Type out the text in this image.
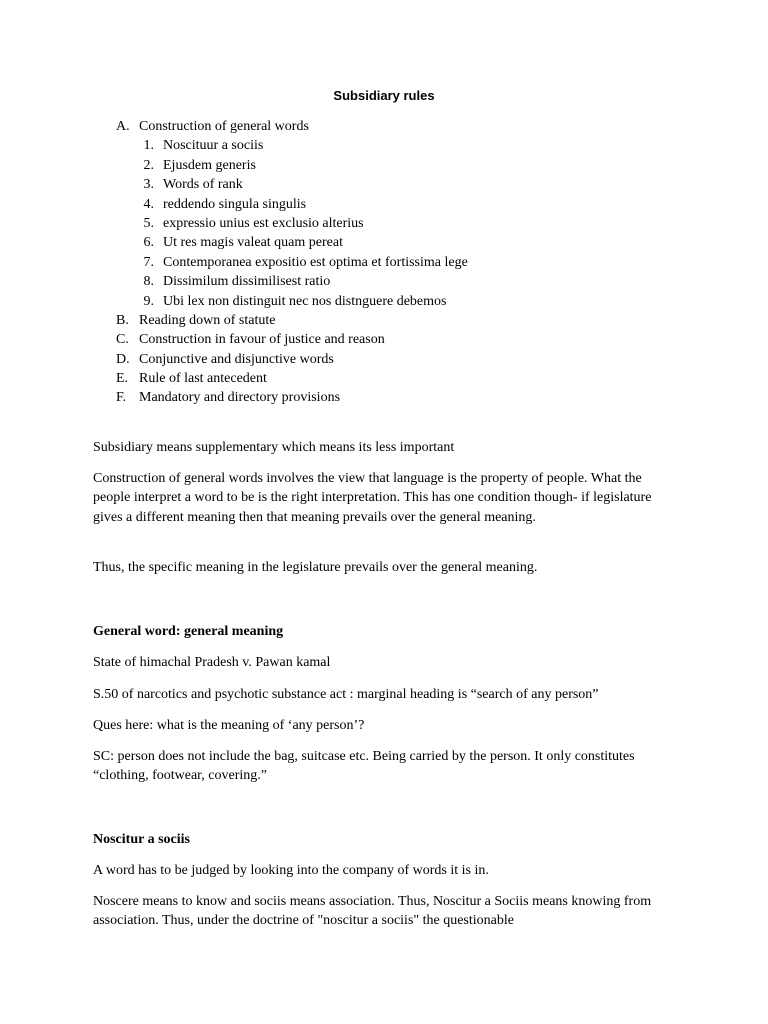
Subsidiary rules
A. Construction of general words
1. Noscituur a sociis
2. Ejusdem generis
3. Words of rank
4. reddendo singula singulis
5. expressio unius est exclusio alterius
6. Ut res magis valeat quam pereat
7. Contemporanea expositio est optima et fortissima lege
8. Dissimilum dissimilisest ratio
9. Ubi lex non distinguit nec nos distnguere debemos
B. Reading down of statute
C. Construction in favour of justice and reason
D. Conjunctive and disjunctive words
E. Rule of last antecedent
F. Mandatory and directory provisions

Subsidiary means supplementary which means its less important

Construction of general words involves the view that language is the property of people. What the people interpret a word to be is the right interpretation. This has one condition though- if legislature gives a different meaning then that meaning prevails over the general meaning.

Thus, the specific meaning in the legislature prevails over the general meaning.

General word: general meaning

State of himachal Pradesh v. Pawan kamal

S.50 of narcotics and psychotic substance act : marginal heading is “search of any person”

Ques here: what is the meaning of ‘any person’?

SC: person does not include the bag, suitcase etc. Being carried by the person. It only constitutes “clothing, footwear, covering.”

Noscitur a sociis

A word has to be judged by looking into the company of words it is in.

Noscere means to know and sociis means association. Thus, Noscitur a Sociis means knowing from association. Thus, under the doctrine of "noscitur a sociis" the questionable
